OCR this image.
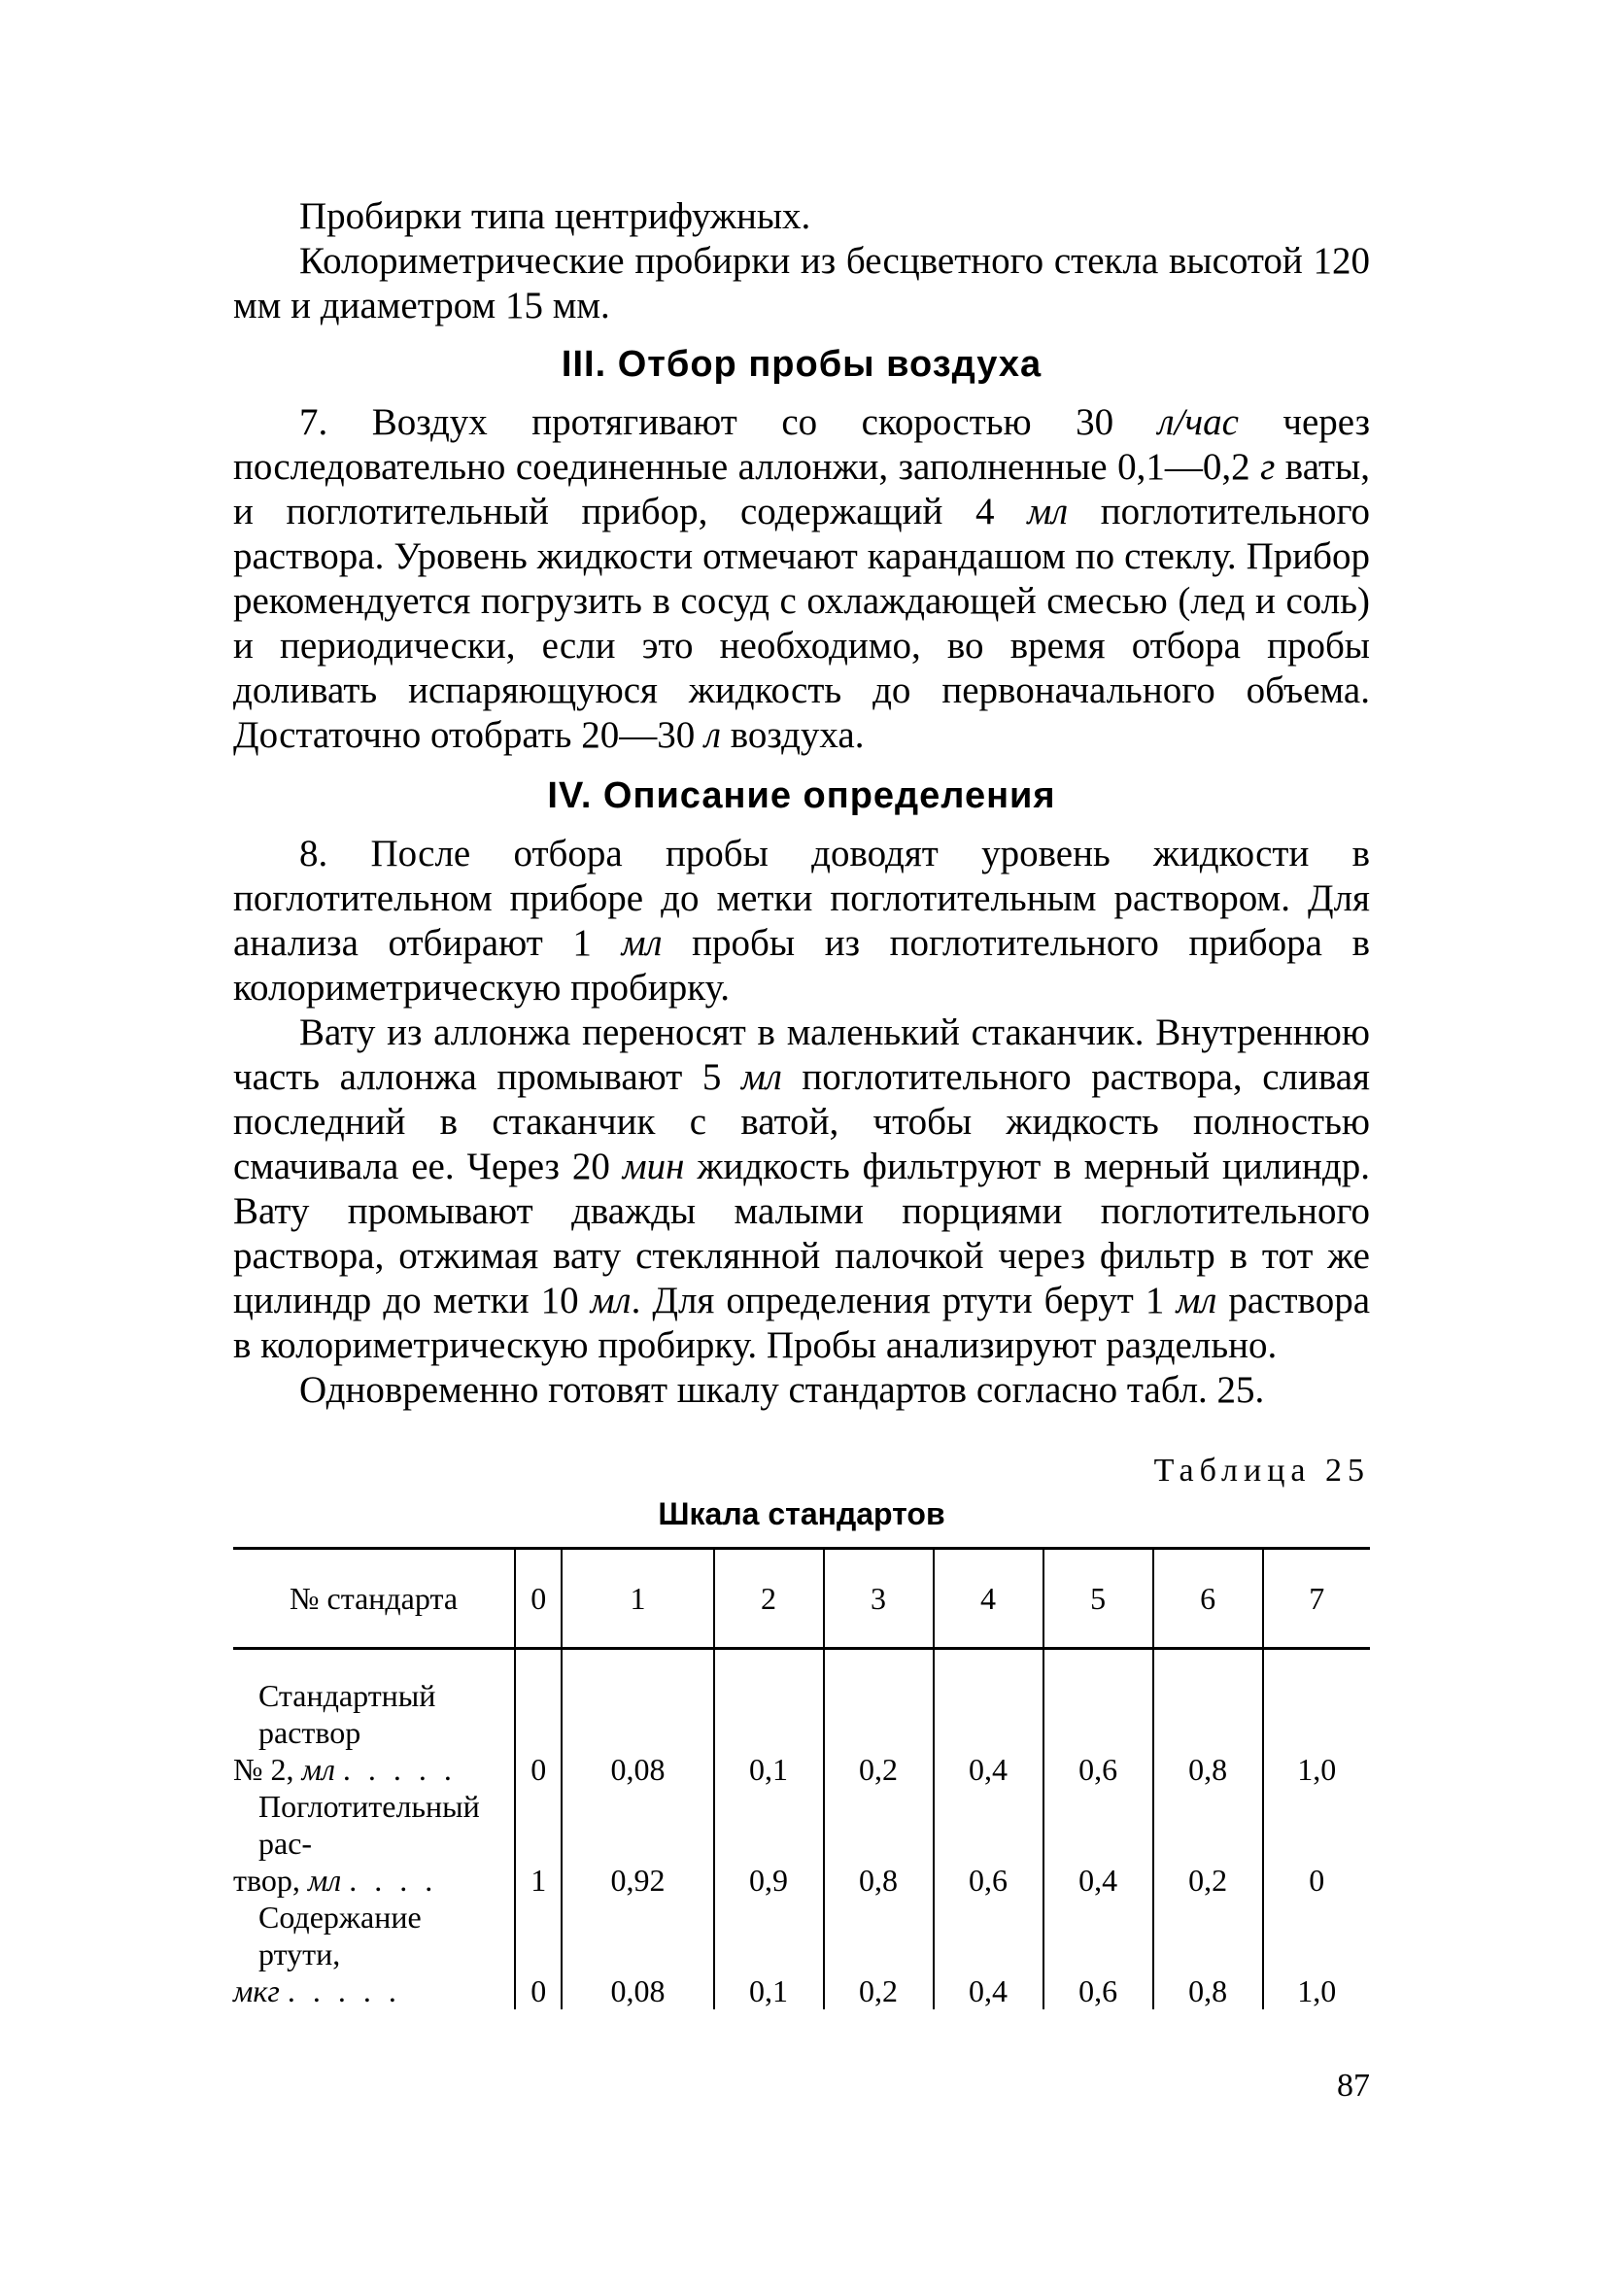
Пробирки типа центрифужных.

Колориметрические пробирки из бесцветного стекла высотой 120 мм и диаметром 15 мм.

III. Отбор пробы воздуха

7. Воздух протягивают со скоростью 30 л/час через последовательно соединенные аллонжи, заполненные 0,1—0,2 г ваты, и поглотительный прибор, содержащий 4 мл поглотительного раствора. Уровень жидкости отмечают карандашом по стеклу. Прибор рекомендуется погрузить в сосуд с охлаждающей смесью (лед и соль) и периодически, если это необходимо, во время отбора пробы доливать испаряющуюся жидкость до первоначального объема. Достаточно отобрать 20—30 л воздуха.

IV. Описание определения

8. После отбора пробы доводят уровень жидкости в поглотительном приборе до метки поглотительным раствором. Для анализа отбирают 1 мл пробы из поглотительного прибора в колориметрическую пробирку.

Вату из аллонжа переносят в маленький стаканчик. Внутреннюю часть аллонжа промывают 5 мл поглотительного раствора, сливая последний в стаканчик с ватой, чтобы жидкость полностью смачивала ее. Через 20 мин жидкость фильтруют в мерный цилиндр. Вату промывают дважды малыми порциями поглотительного раствора, отжимая вату стеклянной палочкой через фильтр в тот же цилиндр до метки 10 мл. Для определения ртути берут 1 мл раствора в колориметрическую пробирку. Пробы анализируют раздельно.

Одновременно готовят шкалу стандартов согласно табл. 25.

Таблица 25
Шкала стандартов
№ стандарта	0	1	2	3	4	5	6	7

Стандартный раствор
№ 2, мл .....	0	0,08	0,1	0,2	0,4	0,6	0,8	1,0

Поглотительный рас-
твор, мл ....	1	0,92	0,9	0,8	0,6	0,4	0,2	0

Содержание ртути,
мкг .....	0	0,08	0,1	0,2	0,4	0,6	0,8	1,0
87
